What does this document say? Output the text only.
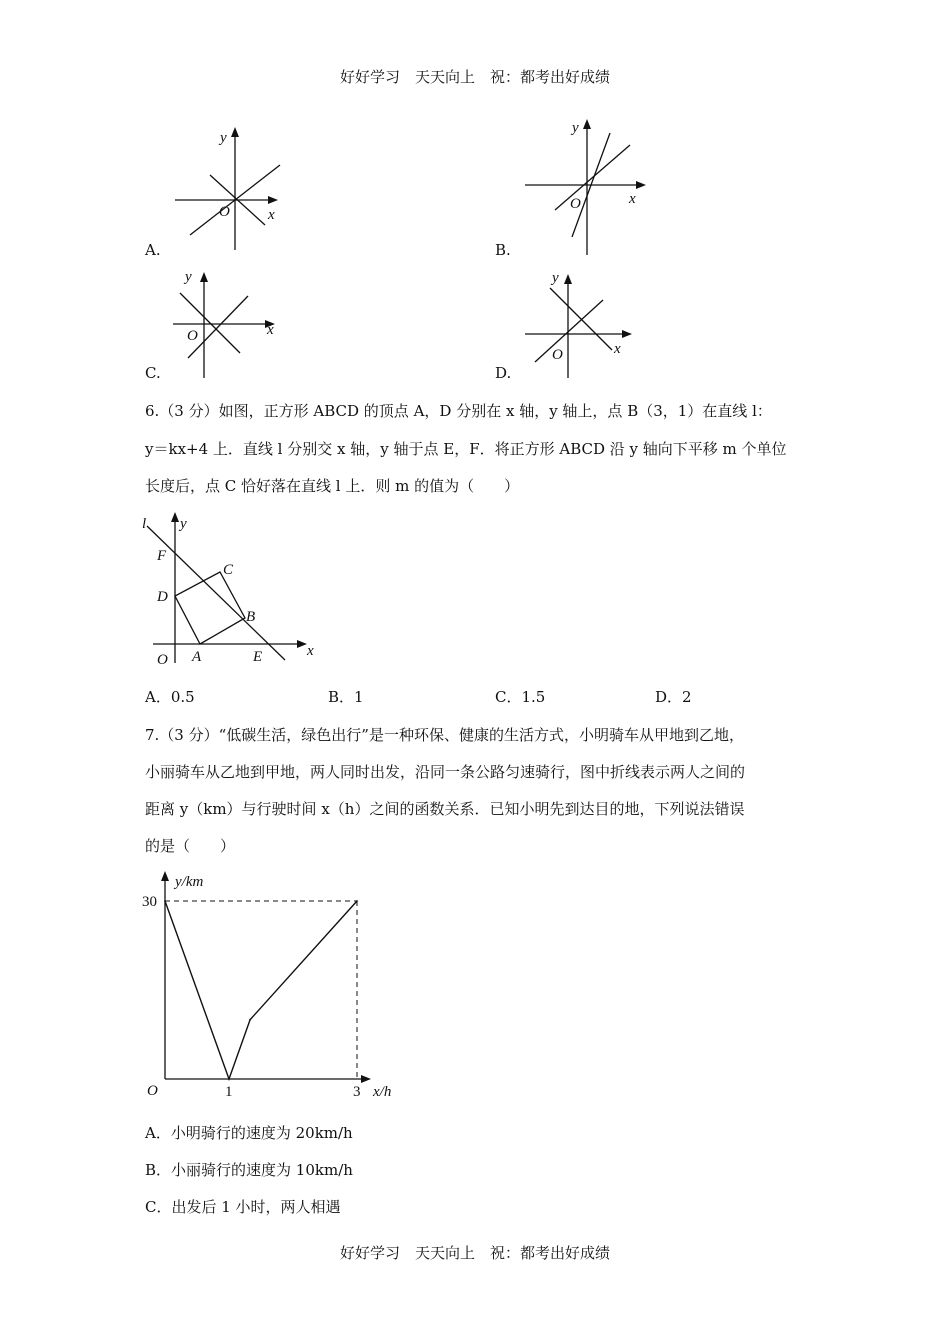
好好学习　天天向上　祝：都考出好成绩
y
x
O
A.
y
x
O
B.
y
x
O
C.
y
x
O
D.
6.（3 分）如图，正方形 ABCD 的顶点 A，D 分别在 x 轴，y 轴上，点 B（3，1）在直线 l：
y＝kx+4 上．直线 l 分别交 x 轴，y 轴于点 E，F．将正方形 ABCD 沿 y 轴向下平移 m 个单位
长度后，点 C 恰好落在直线 l 上．则 m 的值为（　　）
l y
F
C
D
B
O A	E	x
A．0.5	B．1	C．1.5	D．2
7.（3 分）“低碳生活，绿色出行”是一种环保、健康的生活方式，小明骑车从甲地到乙地，
小丽骑车从乙地到甲地，两人同时出发，沿同一条公路匀速骑行，图中折线表示两人之间的
距离 y（km）与行驶时间 x（h）之间的函数关系．已知小明先到达目的地，下列说法错误
的是（　　）
y/km
x/h
O	1	3
30
A．小明骑行的速度为 20km/h
B．小丽骑行的速度为 10km/h
C．出发后 1 小时，两人相遇
好好学习　天天向上　祝：都考出好成绩
